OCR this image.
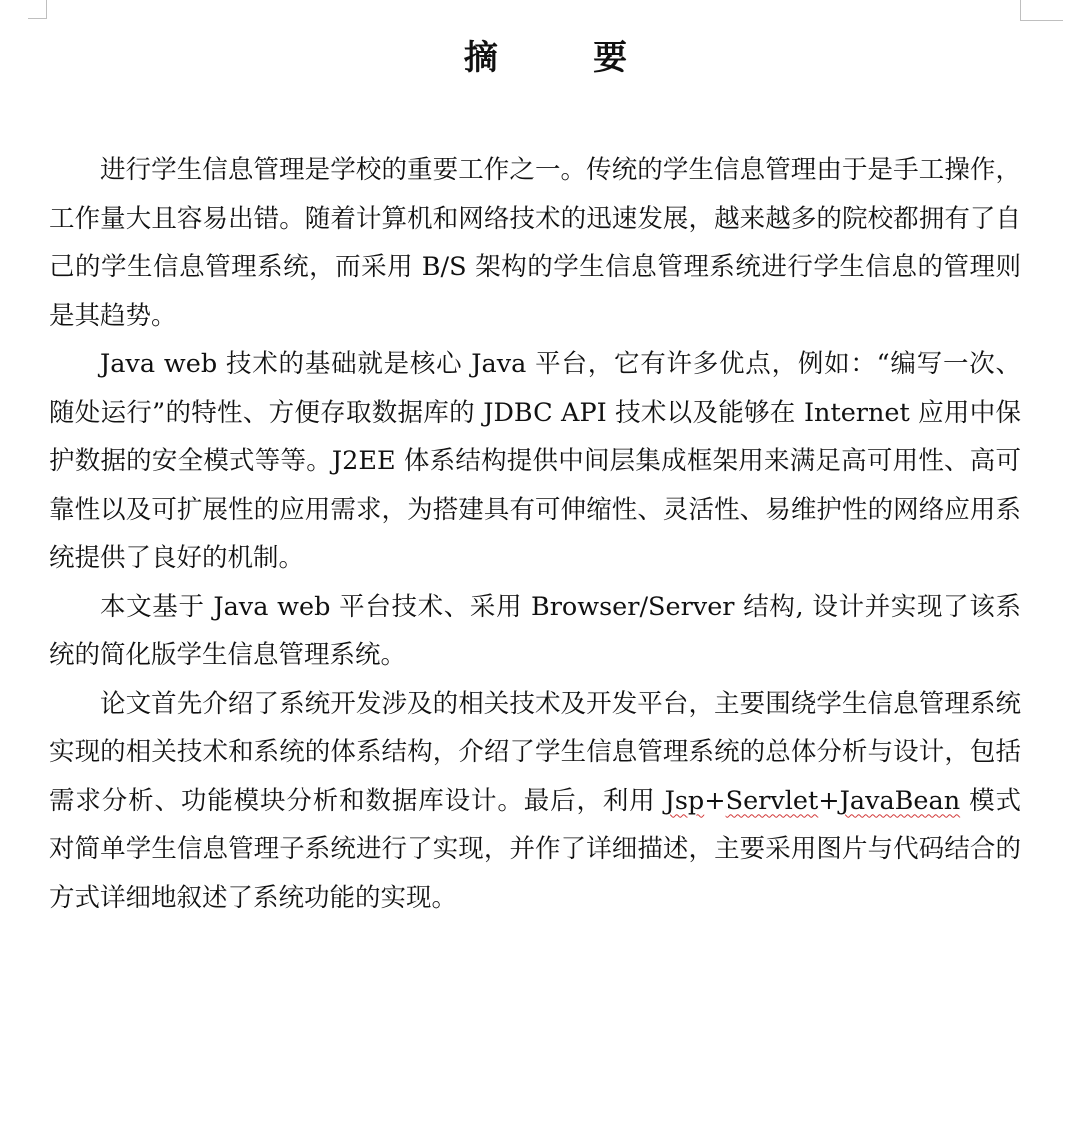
摘　要

进行学生信息管理是学校的重要工作之一。传统的学生信息管理由于是手工操作，工作量大且容易出错。随着计算机和网络技术的迅速发展，越来越多的院校都拥有了自己的学生信息管理系统，而采用 B/S 架构的学生信息管理系统进行学生信息的管理则是其趋势。

Java web 技术的基础就是核心 Java 平台，它有许多优点，例如：“编写一次、随处运行”的特性、方便存取数据库的 JDBC API 技术以及能够在 Internet 应用中保护数据的安全模式等等。J2EE 体系结构提供中间层集成框架用来满足高可用性、高可靠性以及可扩展性的应用需求，为搭建具有可伸缩性、灵活性、易维护性的网络应用系统提供了良好的机制。

本文基于 Java web 平台技术、采用 Browser/Server 结构, 设计并实现了该系统的简化版学生信息管理系统。

论文首先介绍了系统开发涉及的相关技术及开发平台，主要围绕学生信息管理系统实现的相关技术和系统的体系结构，介绍了学生信息管理系统的总体分析与设计，包括需求分析、功能模块分析和数据库设计。最后，利用 Jsp+Servlet+JavaBean 模式对简单学生信息管理子系统进行了实现，并作了详细描述，主要采用图片与代码结合的方式详细地叙述了系统功能的实现。
